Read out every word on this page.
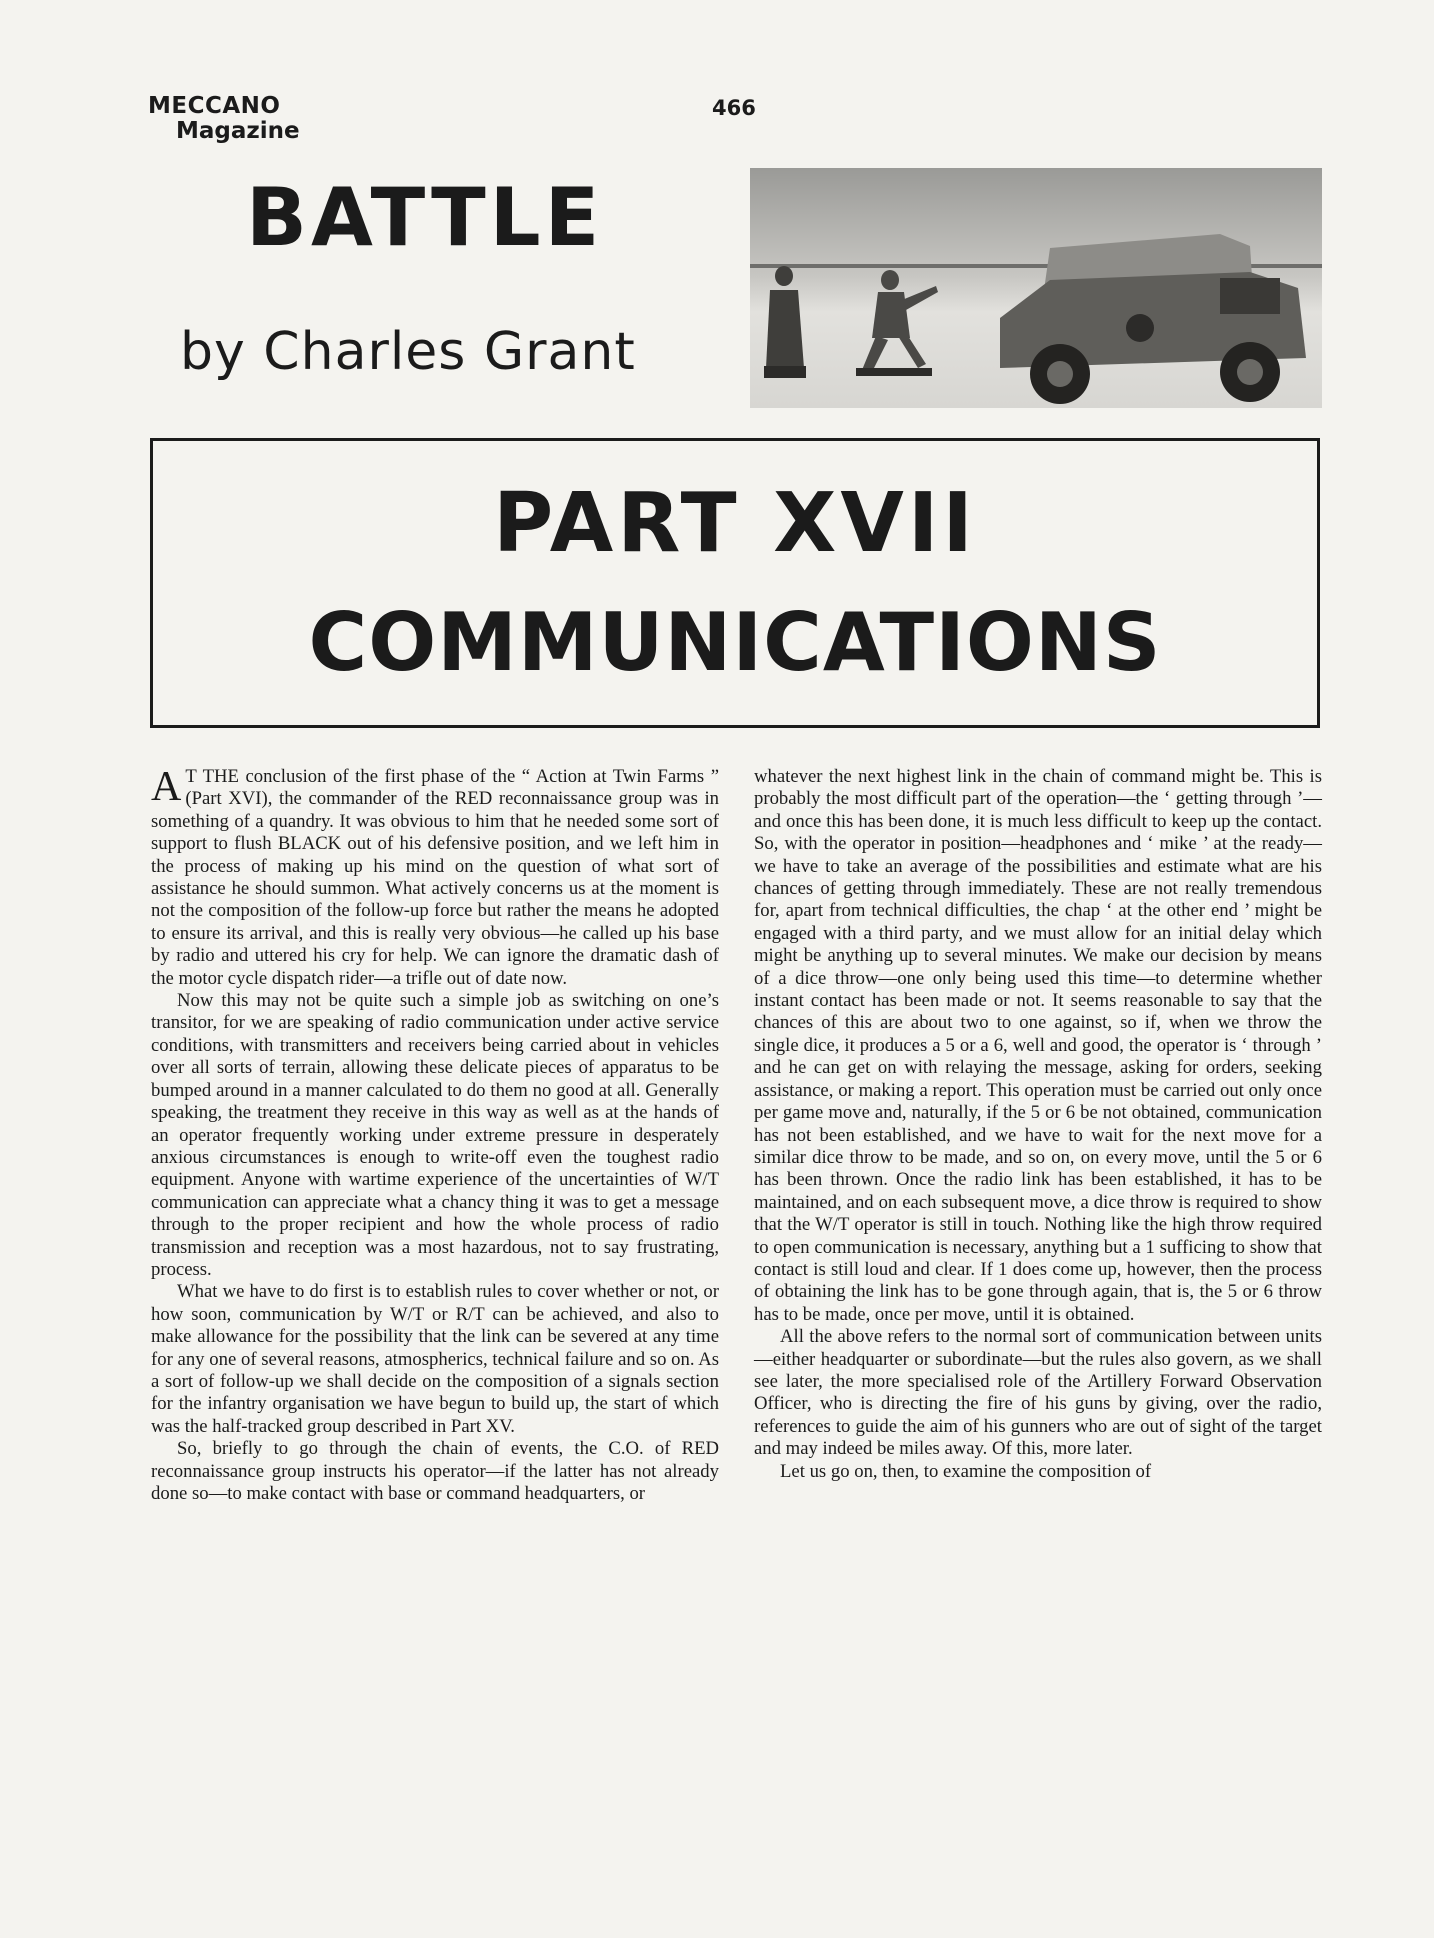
MECCANO
Magazine
466
BATTLE
by Charles Grant
PART XVII
COMMUNICATIONS

A T THE conclusion of the first phase of the “ Action at Twin Farms ” (Part XVI), the commander of the RED reconnaissance group was in something of a quandry. It was obvious to him that he needed some sort of support to flush BLACK out of his defensive position, and we left him in the process of making up his mind on the question of what sort of assistance he should summon. What actively concerns us at the moment is not the composition of the follow-up force but rather the means he adopted to ensure its arrival, and this is really very obvious—he called up his base by radio and uttered his cry for help. We can ignore the dramatic dash of the motor cycle dispatch rider—a trifle out of date now.

Now this may not be quite such a simple job as switching on one’s transitor, for we are speaking of radio communication under active service conditions, with transmitters and receivers being carried about in vehicles over all sorts of terrain, allowing these delicate pieces of apparatus to be bumped around in a manner calculated to do them no good at all. Generally speaking, the treatment they receive in this way as well as at the hands of an operator frequently working under extreme pressure in desperately anxious circumstances is enough to write-off even the toughest radio equipment. Anyone with wartime experience of the uncertainties of W/T communication can appreciate what a chancy thing it was to get a message through to the proper recipient and how the whole process of radio transmission and reception was a most hazardous, not to say frustrating, process.

What we have to do first is to establish rules to cover whether or not, or how soon, communication by W/T or R/T can be achieved, and also to make allowance for the possibility that the link can be severed at any time for any one of several reasons, atmospherics, technical failure and so on. As a sort of follow-up we shall decide on the composition of a signals section for the infantry organisation we have begun to build up, the start of which was the half-tracked group described in Part XV.

So, briefly to go through the chain of events, the C.O. of RED reconnaissance group instructs his operator—if the latter has not already done so—to make contact with base or command headquarters, or

whatever the next highest link in the chain of command might be. This is probably the most difficult part of the operation—the ‘ getting through ’—and once this has been done, it is much less difficult to keep up the contact. So, with the operator in position—headphones and ‘ mike ’ at the ready—we have to take an average of the possibilities and estimate what are his chances of getting through immediately. These are not really tremendous for, apart from technical difficulties, the chap ‘ at the other end ’ might be engaged with a third party, and we must allow for an initial delay which might be anything up to several minutes. We make our decision by means of a dice throw—one only being used this time—to determine whether instant contact has been made or not. It seems reasonable to say that the chances of this are about two to one against, so if, when we throw the single dice, it produces a 5 or a 6, well and good, the operator is ‘ through ’ and he can get on with relaying the message, asking for orders, seeking assistance, or making a report. This operation must be carried out only once per game move and, naturally, if the 5 or 6 be not obtained, communication has not been established, and we have to wait for the next move for a similar dice throw to be made, and so on, on every move, until the 5 or 6 has been thrown. Once the radio link has been established, it has to be maintained, and on each subsequent move, a dice throw is required to show that the W/T operator is still in touch. Nothing like the high throw required to open communication is necessary, anything but a 1 sufficing to show that contact is still loud and clear. If 1 does come up, however, then the process of obtaining the link has to be gone through again, that is, the 5 or 6 throw has to be made, once per move, until it is obtained.

All the above refers to the normal sort of communication between units—either headquarter or subordinate—but the rules also govern, as we shall see later, the more specialised role of the Artillery Forward Observation Officer, who is directing the fire of his guns by giving, over the radio, references to guide the aim of his gunners who are out of sight of the target and may indeed be miles away. Of this, more later.

Let us go on, then, to examine the composition of
